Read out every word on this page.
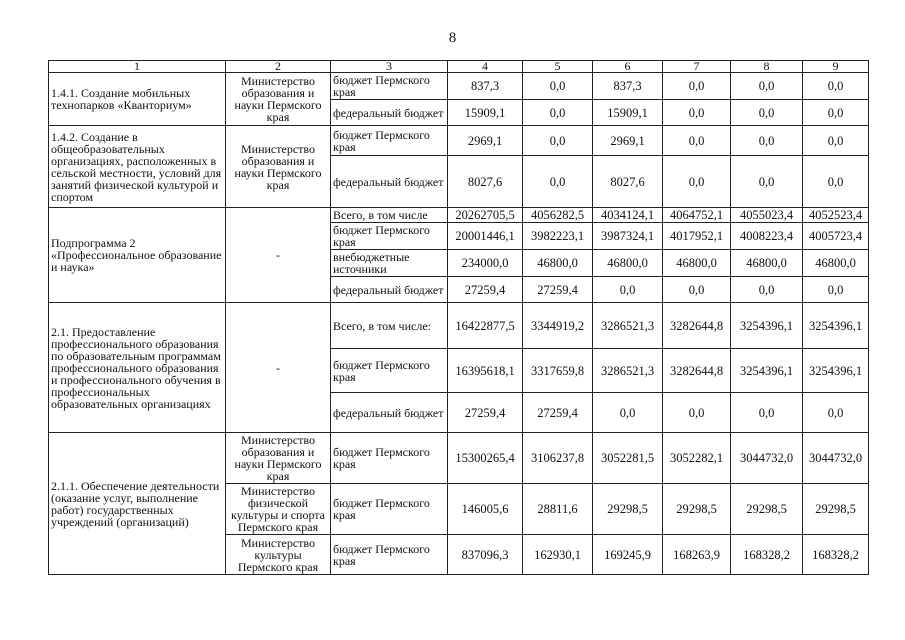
8
1	2	3	4	5	6	7	8	9
1.4.1. Создание мобильных технопарков «Кванториум»	Министерство образования и науки Пермского края	бюджет Пермского края	837,3	0,0	837,3	0,0	0,0	0,0
		федеральный бюджет	15909,1	0,0	15909,1	0,0	0,0	0,0
1.4.2. Создание в общеобразовательных организациях, расположенных в сельской местности, условий для занятий физической культурой и спортом	Министерство образования и науки Пермского края	бюджет Пермского края	2969,1	0,0	2969,1	0,0	0,0	0,0
		федеральный бюджет	8027,6	0,0	8027,6	0,0	0,0	0,0
Подпрограмма 2 «Профессиональное образование и наука»	-	Всего, в том числе	20262705,5	4056282,5	4034124,1	4064752,1	4055023,4	4052523,4
		бюджет Пермского края	20001446,1	3982223,1	3987324,1	4017952,1	4008223,4	4005723,4
		внебюджетные источники	234000,0	46800,0	46800,0	46800,0	46800,0	46800,0
		федеральный бюджет	27259,4	27259,4	0,0	0,0	0,0	0,0
2.1. Предоставление профессионального образования по образовательным программам профессионального образования и профессионального обучения в профессиональных образовательных организациях	-	Всего, в том числе:	16422877,5	3344919,2	3286521,3	3282644,8	3254396,1	3254396,1
		бюджет Пермского края	16395618,1	3317659,8	3286521,3	3282644,8	3254396,1	3254396,1
		федеральный бюджет	27259,4	27259,4	0,0	0,0	0,0	0,0
2.1.1. Обеспечение деятельности (оказание услуг, выполнение работ) государственных учреждений (организаций)	Министерство образования и науки Пермского края	бюджет Пермского края	15300265,4	3106237,8	3052281,5	3052282,1	3044732,0	3044732,0
	Министерство физической культуры и спорта Пермского края	бюджет Пермского края	146005,6	28811,6	29298,5	29298,5	29298,5	29298,5
	Министерство культуры Пермского края	бюджет Пермского края	837096,3	162930,1	169245,9	168263,9	168328,2	168328,2
